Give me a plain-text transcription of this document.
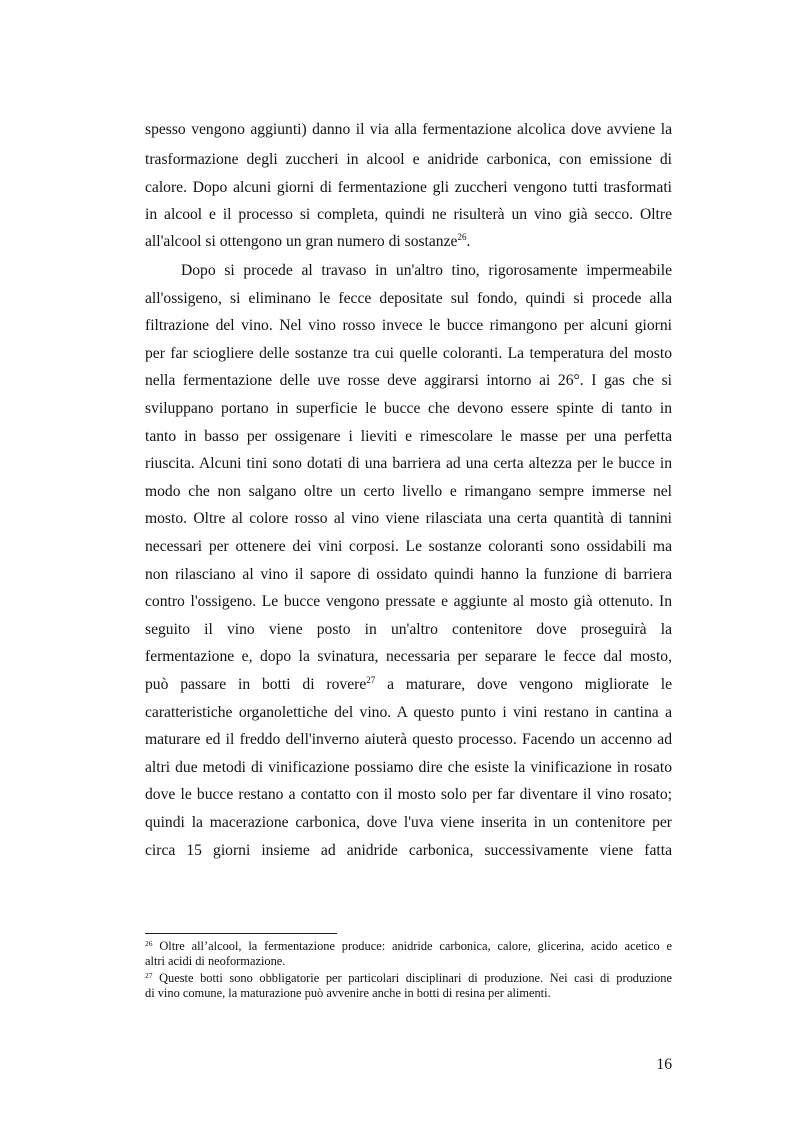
spesso vengono aggiunti) danno il via alla fermentazione alcolica dove avviene la
trasformazione degli zuccheri in alcool e anidride carbonica, con emissione di
calore. Dopo alcuni giorni di fermentazione gli zuccheri vengono tutti trasformati
in alcool e il processo si completa, quindi ne risulterà un vino già secco. Oltre
all'alcool si ottengono un gran numero di sostanze$^{26}$.
Dopo si procede al travaso in un'altro tino, rigorosamente impermeabile
all'ossigeno, si eliminano le fecce depositate sul fondo, quindi si procede alla
filtrazione del vino. Nel vino rosso invece le bucce rimangono per alcuni giorni
per far sciogliere delle sostanze tra cui quelle coloranti. La temperatura del mosto
nella fermentazione delle uve rosse deve aggirarsi intorno ai 26°. I gas che si
sviluppano portano in superficie le bucce che devono essere spinte di tanto in
tanto in basso per ossigenare i lieviti e rimescolare le masse per una perfetta
riuscita. Alcuni tini sono dotati di una barriera ad una certa altezza per le bucce in
modo che non salgano oltre un certo livello e rimangano sempre immerse nel
mosto. Oltre al colore rosso al vino viene rilasciata una certa quantità di tannini
necessari per ottenere dei vini corposi. Le sostanze coloranti sono ossidabili ma
non rilasciano al vino il sapore di ossidato quindi hanno la funzione di barriera
contro l'ossigeno. Le bucce vengono pressate e aggiunte al mosto già ottenuto. In
seguito il vino viene posto in un'altro contenitore dove proseguirà la
fermentazione e, dopo la svinatura, necessaria per separare le fecce dal mosto,
può passare in botti di rovere$^{27}$ a maturare, dove vengono migliorate le
caratteristiche organolettiche del vino. A questo punto i vini restano in cantina a
maturare ed il freddo dell'inverno aiuterà questo processo. Facendo un accenno ad
altri due metodi di vinificazione possiamo dire che esiste la vinificazione in rosato
dove le bucce restano a contatto con il mosto solo per far diventare il vino rosato;
quindi la macerazione carbonica, dove l'uva viene inserita in un contenitore per
circa 15 giorni insieme ad anidride carbonica, successivamente viene fatta
$^{26}$ Oltre all’alcool, la fermentazione produce: anidride carbonica, calore, glicerina, acido acetico e
altri acidi di neoformazione.
$^{27}$ Queste botti sono obbligatorie per particolari disciplinari di produzione. Nei casi di produzione
di vino comune, la maturazione può avvenire anche in botti di resina per alimenti.
16
